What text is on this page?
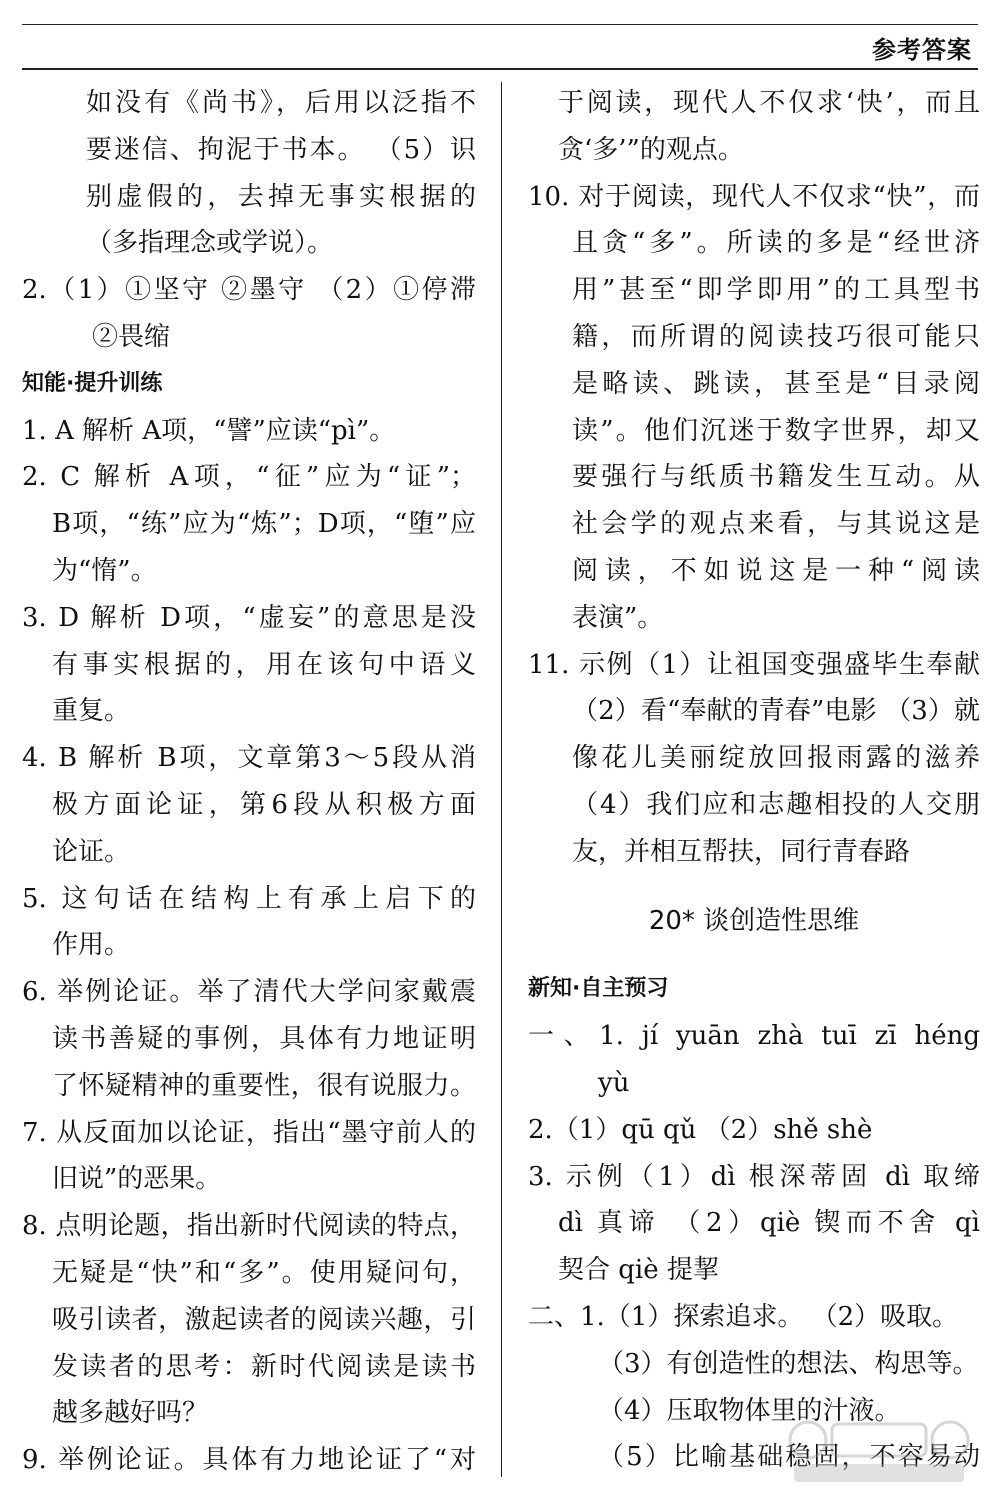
参考答案
如没有《尚书》，后用以泛指不
要迷信、拘泥于书本。 （5）识
别虚假的，去掉无事实根据的
（多指理念或学说）。
2.（1）①坚守 ②墨守 （2）①停滞
②畏缩
知能·提升训练
1. A 解析 A项，“譬”应读“pì”。
2. C 解析 A项，“征”应为“证”；
B项，“练”应为“炼”；D项，“堕”应
为“惰”。
3. D 解析 D项，“虚妄”的意思是没
有事实根据的，用在该句中语义
重复。
4. B 解析 B项，文章第3～5段从消
极方面论证，第6段从积极方面
论证。
5. 这句话在结构上有承上启下的
作用。
6. 举例论证。举了清代大学问家戴震
读书善疑的事例，具体有力地证明
了怀疑精神的重要性，很有说服力。
7. 从反面加以论证，指出“墨守前人的
旧说”的恶果。
8. 点明论题，指出新时代阅读的特点，
无疑是“快”和“多”。使用疑问句，
吸引读者，激起读者的阅读兴趣，引
发读者的思考：新时代阅读是读书
越多越好吗？
9. 举例论证。具体有力地论证了“对
于阅读，现代人不仅求‘快’，而且
贪‘多’”的观点。
10. 对于阅读，现代人不仅求“快”，而
且贪“多”。所读的多是“经世济
用”甚至“即学即用”的工具型书
籍，而所谓的阅读技巧很可能只
是略读、跳读，甚至是“目录阅
读”。他们沉迷于数字世界，却又
要强行与纸质书籍发生互动。从
社会学的观点来看，与其说这是
阅读，不如说这是一种“阅读
表演”。
11. 示例（1）让祖国变强盛毕生奉献
（2）看“奉献的青春”电影 （3）就
像花儿美丽绽放回报雨露的滋养
（4）我们应和志趣相投的人交朋
友，并相互帮扶，同行青春路
20* 谈创造性思维
新知·自主预习
一、1. jí yuān zhà tuī zī héng
yù
2.（1）qū qǔ （2）shě shè
3. 示例（1）dì 根深蒂固 dì 取缔
dì 真谛 （2）qiè 锲而不舍 qì
契合 qiè 提挈
二、1.（1）探索追求。 （2）吸取。
（3）有创造性的想法、构思等。
（4）压取物体里的汁液。
（5）比喻基础稳固，不容易动
